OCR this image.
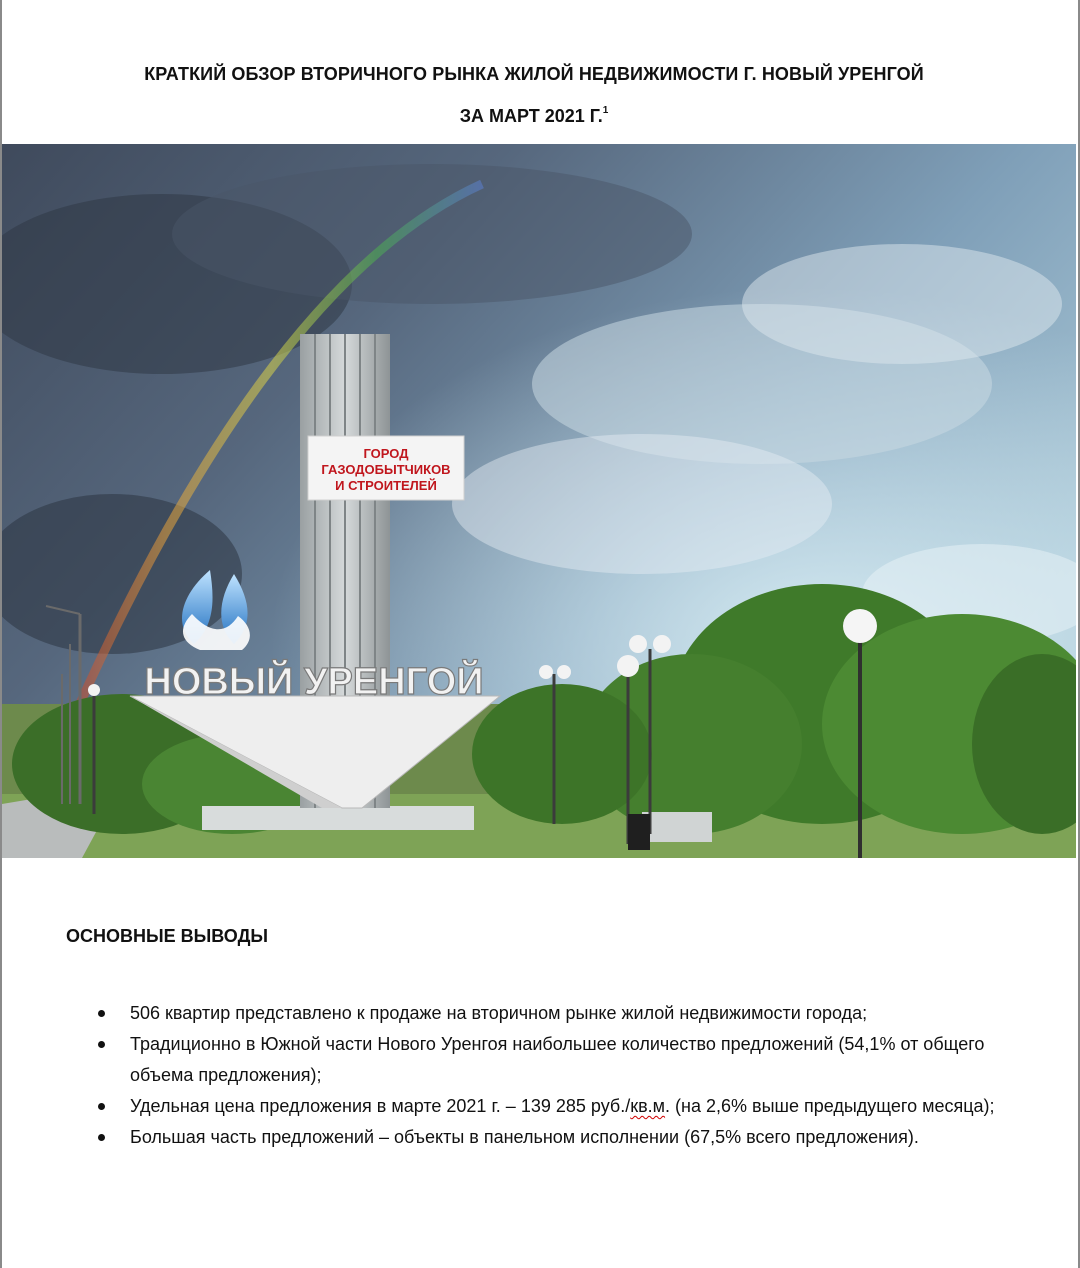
КРАТКИЙ ОБЗОР ВТОРИЧНОГО РЫНКА ЖИЛОЙ НЕДВИЖИМОСТИ Г. НОВЫЙ УРЕНГОЙ
ЗА МАРТ 2021 Г.$^1$
ГОРОД
ГАЗОДОБЫТЧИКОВ
И СТРОИТЕЛЕЙ
НОВЫЙ УРЕНГОЙ
ОСНОВНЫЕ ВЫВОДЫ
506 квартир представлено к продаже на вторичном рынке жилой недвижимости города;
Традиционно в Южной части Нового Уренгоя наибольшее количество предложений (54,1% от общего объема предложения);
Удельная цена предложения в марте 2021 г. – 139 285 руб./кв.м. (на 2,6% выше предыдущего месяца);
Большая часть предложений – объекты в панельном исполнении (67,5% всего предложения).
